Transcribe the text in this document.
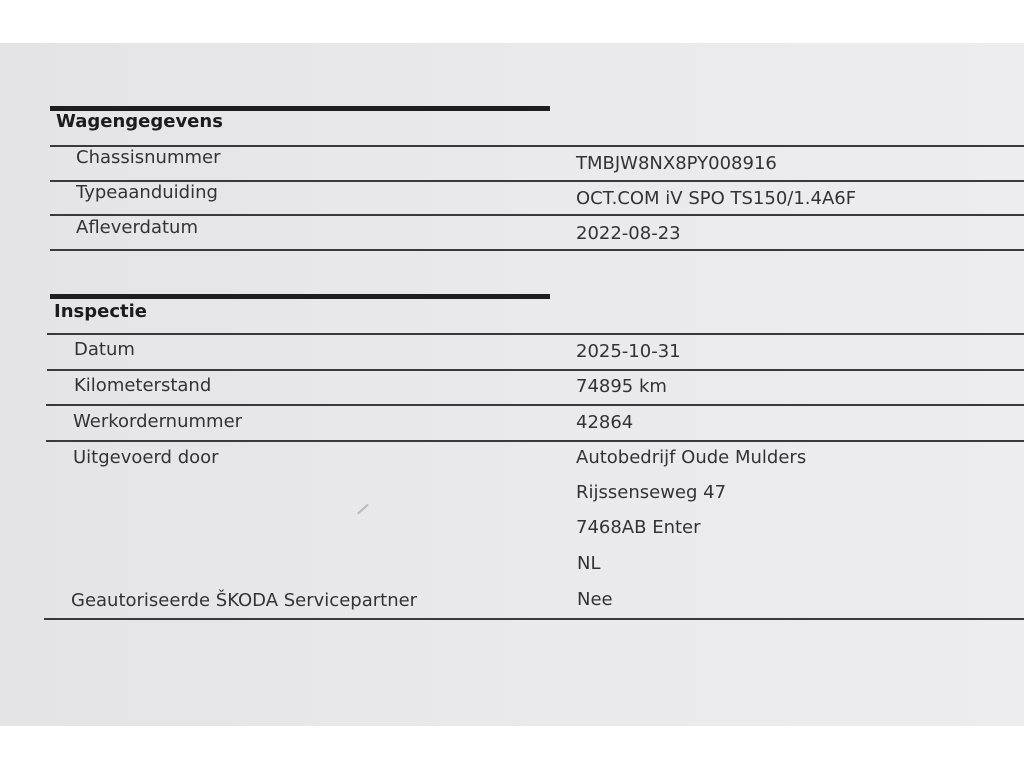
Wagengegevens
Chassisnummer	TMBJW8NX8PY008916
Typeaanduiding	OCT.COM iV SPO TS150/1.4A6F
Afleverdatum	2022-08-23
Inspectie
Datum	2025-10-31
Kilometerstand	74895 km
Werkordernummer	42864
Uitgevoerd door	Autobedrijf Oude Mulders
Rijssenseweg 47
7468AB Enter
NL
Geautoriseerde ŠKODA Servicepartner	Nee
